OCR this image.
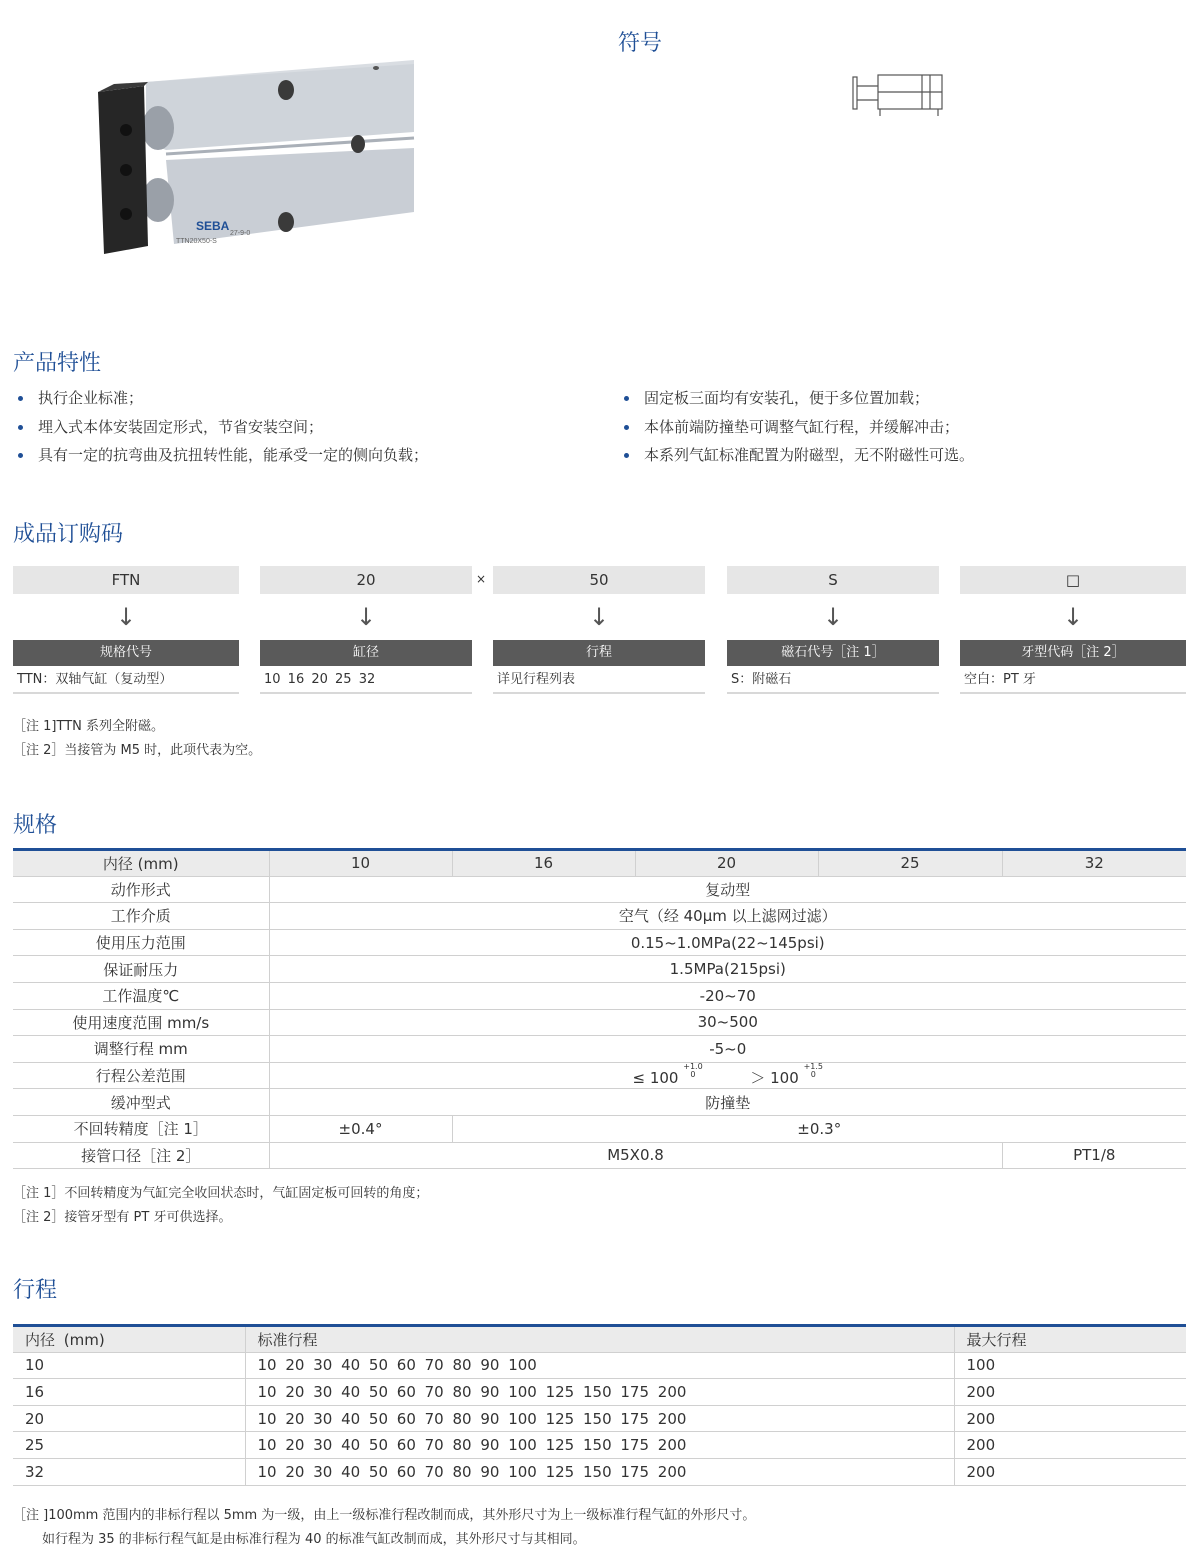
SEBA
TTN20X50-S
27-9-0
符号
产品特性
执行企业标准；
埋入式本体安装固定形式，节省安装空间；
具有一定的抗弯曲及抗扭转性能，能承受一定的侧向负载；
固定板三面均有安装孔，便于多位置加载；
本体前端防撞垫可调整气缸行程，并缓解冲击；
本系列气缸标准配置为附磁型，无不附磁性可选。
成品订购码
FTN
↓
规格代号
TTN：双轴气缸（复动型）
20
↓
缸径
10 16 20 25 32
×	50
↓
行程
详见行程列表
S
↓
磁石代号［注 1］
S：附磁石
□
↓
牙型代码［注 2］
空白：PT 牙
［注 1]TTN 系列全附磁。
［注 2］当接管为 M5 时，此项代表为空。
规格
内径 (mm)	10	16	20	25	32
动作形式	复动型				
工作介质	空气（经 40μm 以上滤网过滤）				
使用压力范围	0.15~1.0MPa(22~145psi)				
保证耐压力	1.5MPa(215psi)				
工作温度℃	-20~70				
使用速度范围 mm/s	30~500				
调整行程 mm	-5~0				
行程公差范围	≤ 100 $^{+1.0 0}$ ＞ 100 $^{+1.5 0}$
缓冲型式	防撞垫				
不回转精度［注 1］	±0.4°	±0.3°			
接管口径［注 2］	M5X0.8				PT1/8
［注 1］不回转精度为气缸完全收回状态时，气缸固定板可回转的角度；
［注 2］接管牙型有 PT 牙可供选择。
行程
内径 (mm)	标准行程	最大行程
10	10 20 30 40 50 60 70 80 90 100	100
16	10 20 30 40 50 60 70 80 90 100 125 150 175 200	200
20	10 20 30 40 50 60 70 80 90 100 125 150 175 200	200
25	10 20 30 40 50 60 70 80 90 100 125 150 175 200	200
32	10 20 30 40 50 60 70 80 90 100 125 150 175 200	200
［注 ]100mm 范围内的非标行程以 5mm 为一级，由上一级标准行程改制而成，其外形尺寸为上一级标准行程气缸的外形尺寸。
如行程为 35 的非标行程气缸是由标准行程为 40 的标准气缸改制而成，其外形尺寸与其相同。
